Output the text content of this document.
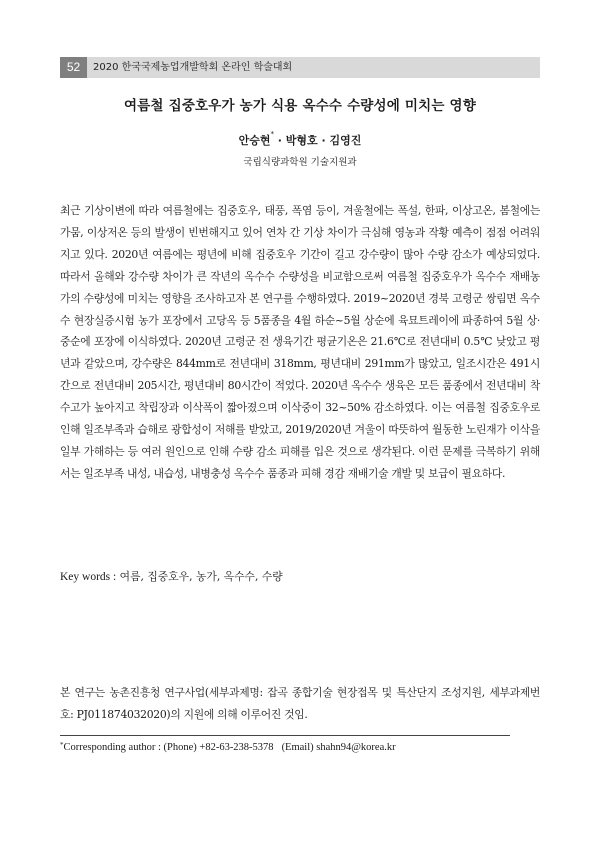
52	2020 한국국제농업개발학회 온라인 학술대회
여름철 집중호우가 농가 식용 옥수수 수량성에 미치는 영향
안승현* · 박형호 · 김영진
국립식량과학원 기술지원과

최근 기상이변에 따라 여름철에는 집중호우, 태풍, 폭염 등이, 겨울철에는 폭설, 한파, 이상고온, 봄철에는 가뭄, 이상저온 등의 발생이 빈번해지고 있어 연차 간 기상 차이가 극심해 영농과 작황 예측이 점점 어려워지고 있다. 2020년 여름에는 평년에 비해 집중호우 기간이 길고 강수량이 많아 수량 감소가 예상되었다. 따라서 올해와 강수량 차이가 큰 작년의 옥수수 수량성을 비교함으로써 여름철 집중호우가 옥수수 재배농가의 수량성에 미치는 영향을 조사하고자 본 연구를 수행하였다. 2019~2020년 경북 고령군 쌍림면 옥수수 현장실증시험 농가 포장에서 고당옥 등 5품종을 4월 하순~5월 상순에 육묘트레이에 파종하여 5월 상·중순에 포장에 이식하였다. 2020년 고령군 전 생육기간 평균기온은 21.6℃로 전년대비 0.5℃ 낮았고 평년과 같았으며, 강수량은 844mm로 전년대비 318mm, 평년대비 291mm가 많았고, 일조시간은 491시간으로 전년대비 205시간, 평년대비 80시간이 적었다. 2020년 옥수수 생육은 모든 품종에서 전년대비 착수고가 높아지고 착립장과 이삭폭이 짧아졌으며 이삭중이 32~50% 감소하였다. 이는 여름철 집중호우로 인해 일조부족과 습해로 광합성이 저해를 받았고, 2019/2020년 겨울이 따뜻하여 월동한 노린재가 이삭을 일부 가해하는 등 여러 원인으로 인해 수량 감소 피해를 입은 것으로 생각된다. 이런 문제를 극복하기 위해서는 일조부족 내성, 내습성, 내병충성 옥수수 품종과 피해 경감 재배기술 개발 및 보급이 필요하다.

Key words : 여름, 집중호우, 농가, 옥수수, 수량

본 연구는 농촌진흥청 연구사업(세부과제명: 잡곡 종합기술 현장접목 및 특산단지 조성지원, 세부과제번호: PJ011874032020)의 지원에 의해 이루어진 것임.

*Corresponding author : (Phone) +82-63-238-5378 (Email) shahn94@korea.kr
